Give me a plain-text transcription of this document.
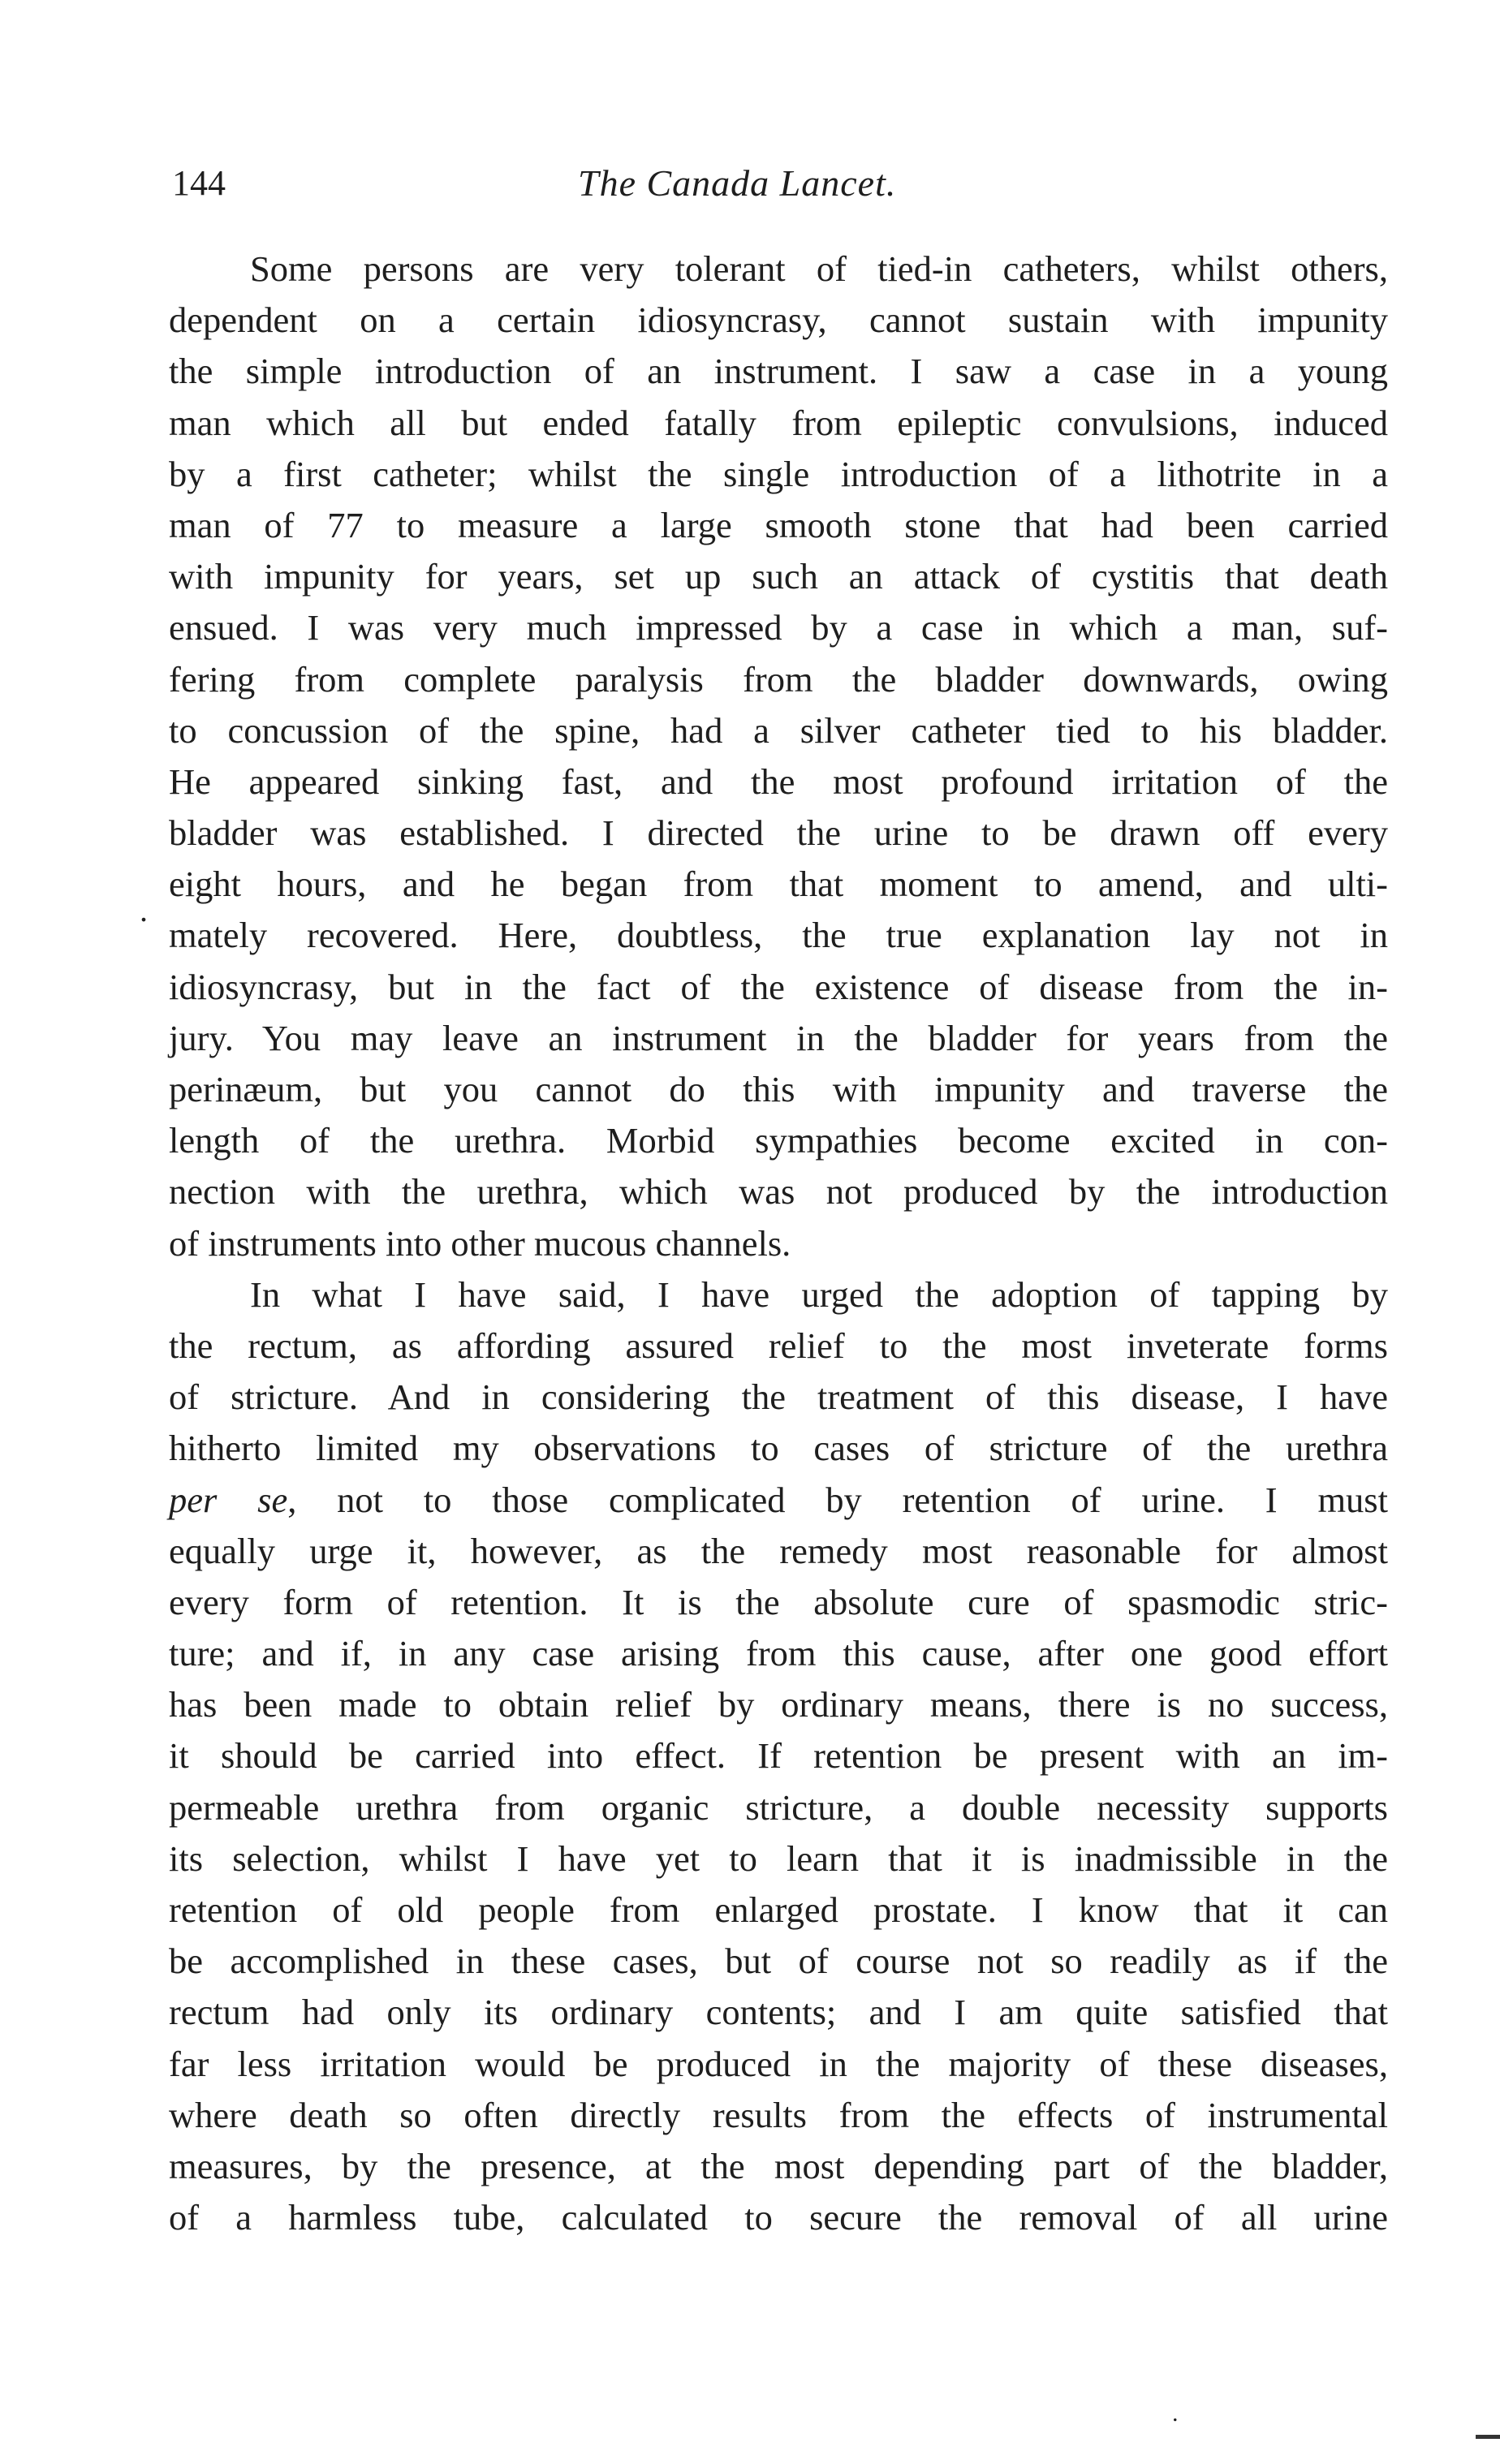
144	The Canada Lancet.
.
Some persons are very tolerant of tied-in catheters, whilst others,
dependent on a certain idiosyncrasy, cannot sustain with impunity
the simple introduction of an instrument. I saw a case in a young
man which all but ended fatally from epileptic convulsions, induced
by a first catheter; whilst the single introduction of a lithotrite in a
man of 77 to measure a large smooth stone that had been carried
with impunity for years, set up such an attack of cystitis that death
ensued. I was very much impressed by a case in which a man, suf-
fering from complete paralysis from the bladder downwards, owing
to concussion of the spine, had a silver catheter tied to his bladder.
He appeared sinking fast, and the most profound irritation of the
bladder was established. I directed the urine to be drawn off every
eight hours, and he began from that moment to amend, and ulti-
mately recovered. Here, doubtless, the true explanation lay not in
idiosyncrasy, but in the fact of the existence of disease from the in-
jury. You may leave an instrument in the bladder for years from the
perinæum, but you cannot do this with impunity and traverse the
length of the urethra. Morbid sympathies become excited in con-
nection with the urethra, which was not produced by the introduction
of instruments into other mucous channels.
In what I have said, I have urged the adoption of tapping by
the rectum, as affording assured relief to the most inveterate forms
of stricture. And in considering the treatment of this disease, I have
hitherto limited my observations to cases of stricture of the urethra
per se, not to those complicated by retention of urine. I must
equally urge it, however, as the remedy most reasonable for almost
every form of retention. It is the absolute cure of spasmodic stric-
ture; and if, in any case arising from this cause, after one good effort
has been made to obtain relief by ordinary means, there is no success,
it should be carried into effect. If retention be present with an im-
permeable urethra from organic stricture, a double necessity supports
its selection, whilst I have yet to learn that it is inadmissible in the
retention of old people from enlarged prostate. I know that it can
be accomplished in these cases, but of course not so readily as if the
rectum had only its ordinary contents; and I am quite satisfied that
far less irritation would be produced in the majority of these diseases,
where death so often directly results from the effects of instrumental
measures, by the presence, at the most depending part of the bladder,
of a harmless tube, calculated to secure the removal of all urine
.
